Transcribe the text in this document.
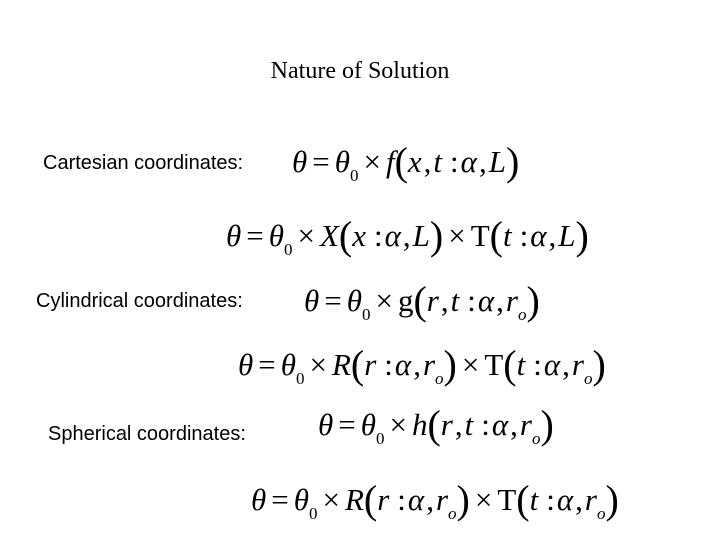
Nature of Solution
Cartesian coordinates: $\theta = \theta_0 \times f(x,t$ :α,L)
$\theta = \theta_0 \times X(x$ :α,L) × T(t :α,L)
Cylindrical coordinates: $\theta = \theta_0 \times g(r,t$ $:\alpha,r_o$)
$\theta = \theta_0 \times R(r$ $:\alpha,r_o) \times T(t$ $:\alpha,r_o$)
Spherical coordinates: $\theta = \theta_0 \times h(r,t$ $:\alpha,r_o$)
$\theta = \theta_0 \times R(r$ $:\alpha,r_o) \times T(t$ $:\alpha,r_o$)
